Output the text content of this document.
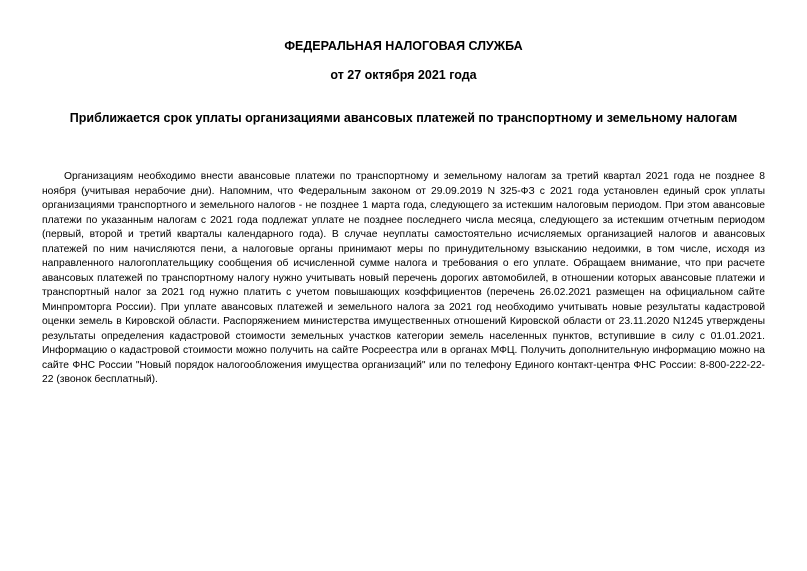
ФЕДЕРАЛЬНАЯ НАЛОГОВАЯ СЛУЖБА
от 27 октября 2021 года
Приближается срок уплаты организациями авансовых платежей по транспортному и земельному налогам

Организациям необходимо внести авансовые платежи по транспортному и земельному налогам за третий квартал 2021 года не позднее 8 ноября (учитывая нерабочие дни). Напомним, что Федеральным законом от 29.09.2019 N 325-ФЗ с 2021 года установлен единый срок уплаты организациями транспортного и земельного налогов - не позднее 1 марта года, следующего за истекшим налоговым периодом. При этом авансовые платежи по указанным налогам с 2021 года подлежат уплате не позднее последнего числа месяца, следующего за истекшим отчетным периодом (первый, второй и третий кварталы календарного года). В случае неуплаты самостоятельно исчисляемых организацией налогов и авансовых платежей по ним начисляются пени, а налоговые органы принимают меры по принудительному взысканию недоимки, в том числе, исходя из направленного налогоплательщику сообщения об исчисленной сумме налога и требования о его уплате. Обращаем внимание, что при расчете авансовых платежей по транспортному налогу нужно учитывать новый перечень дорогих автомобилей, в отношении которых авансовые платежи и транспортный налог за 2021 год нужно платить с учетом повышающих коэффициентов (перечень 26.02.2021 размещен на официальном сайте Минпромторга России). При уплате авансовых платежей и земельного налога за 2021 год необходимо учитывать новые результаты кадастровой оценки земель в Кировской области. Распоряжением министерства имущественных отношений Кировской области от 23.11.2020 N1245 утверждены результаты определения кадастровой стоимости земельных участков категории земель населенных пунктов, вступившие в силу с 01.01.2021. Информацию о кадастровой стоимости можно получить на сайте Росреестра или в органах МФЦ. Получить дополнительную информацию можно на сайте ФНС России "Новый порядок налогообложения имущества организаций" или по телефону Единого контакт-центра ФНС России: 8-800-222-22-22 (звонок бесплатный).
